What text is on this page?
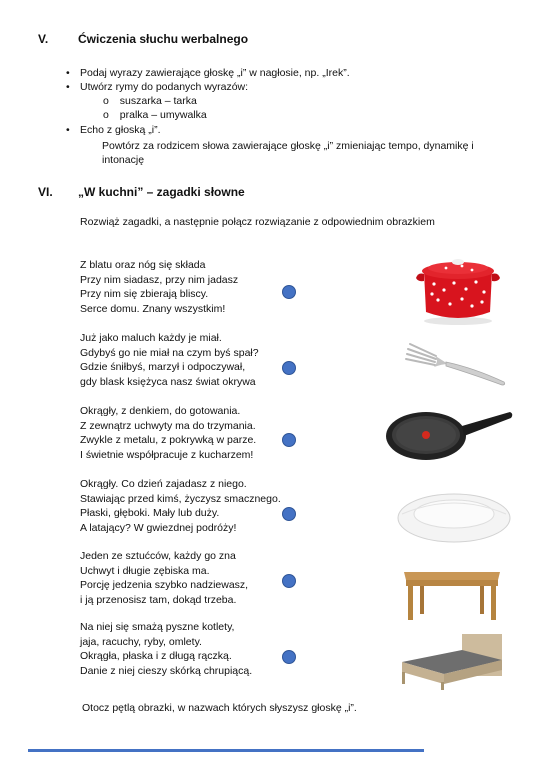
V. Ćwiczenia słuchu werbalnego
• Podaj wyrazy zawierające głoskę „i” w nagłosie, np. „Irek”.
• Utwórz rymy do podanych wyrazów:
o suszarka – tarka
o pralka – umywalka
• Echo z głoską „i”.
Powtórz za rodzicem słowa zawierające głoskę „i” zmieniając tempo, dynamikę i
intonację
VI. „W kuchni” – zagadki słowne
Rozwiąż zagadki, a następnie połącz rozwiązanie z odpowiednim obrazkiem
Z blatu oraz nóg się składa
Przy nim siadasz, przy nim jadasz
Przy nim się zbierają bliscy.
Serce domu. Znany wszystkim!
Już jako maluch każdy je miał.
Gdybyś go nie miał na czym byś spał?
Gdzie śniłbyś, marzył i odpoczywał,
gdy blask księżyca nasz świat okrywa
Okrągły, z denkiem, do gotowania.
Z zewnątrz uchwyty ma do trzymania.
Zwykle z metalu, z pokrywką w parze.
I świetnie współpracuje z kucharzem!
Okrągły. Co dzień zajadasz z niego.
Stawiając przed kimś, życzysz smacznego.
Płaski, głęboki. Mały lub duży.
A latający? W gwiezdnej podróży!
Jeden ze sztućców, każdy go zna
Uchwyt i długie zębiska ma.
Porcję jedzenia szybko nadziewasz,
i ją przenosisz tam, dokąd trzeba.
Na niej się smażą pyszne kotlety,
jaja, racuchy, ryby, omlety.
Okrągła, płaska i z długą rączką.
Danie z niej cieszy skórką chrupiącą.
Otocz pętlą obrazki, w nazwach których słyszysz głoskę „i”.
